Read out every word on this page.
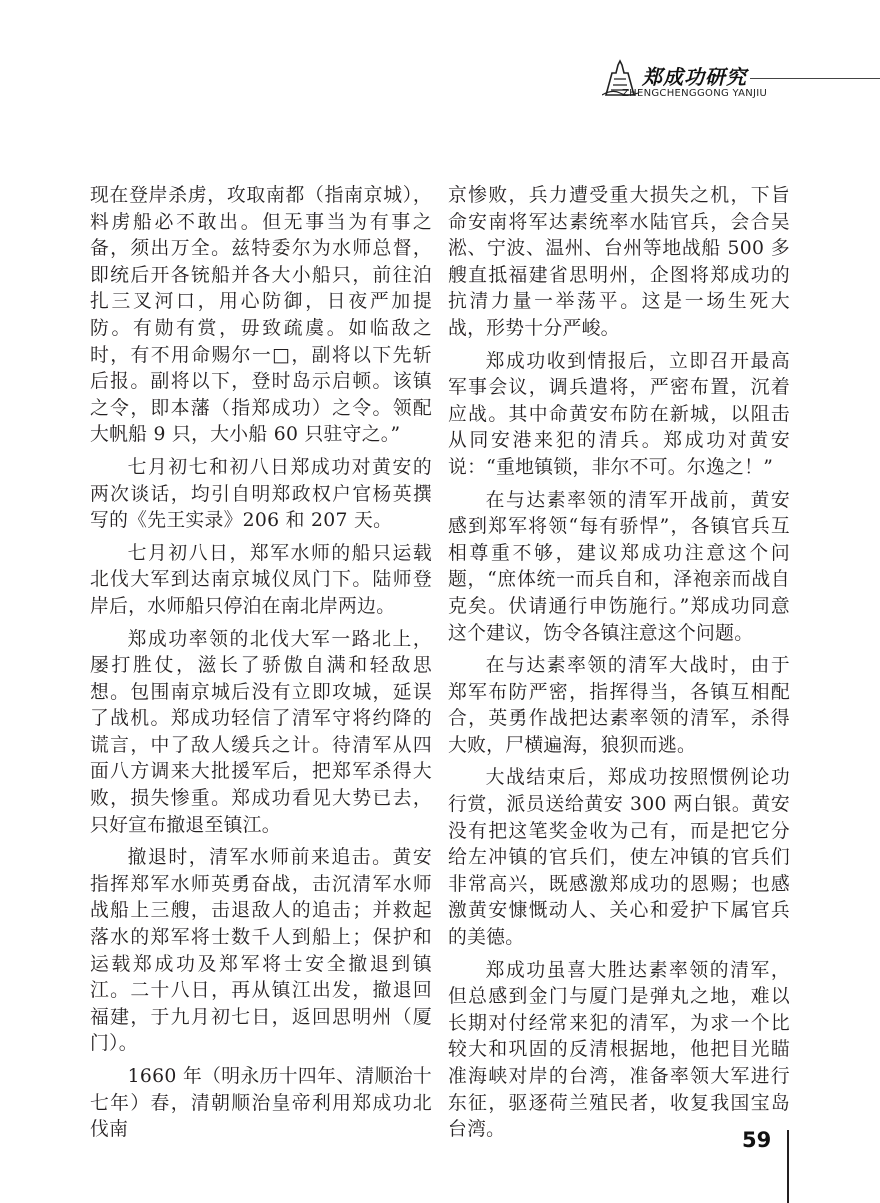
郑成功研究
ZHENGCHENGGONG YANJIU

现在登岸杀虏，攻取南都（指南京城），料虏船必不敢出。但无事当为有事之备，须出万全。兹特委尔为水师总督，即统后开各铳船并各大小船只，前往泊扎三叉河口，用心防御，日夜严加提防。有勋有赏，毋致疏虞。如临敌之时，有不用命赐尔一□，副将以下先斩后报。副将以下，登时岛示启顿。该镇之令，即本藩（指郑成功）之令。领配大帆船 9 只，大小船 60 只驻守之。”

七月初七和初八日郑成功对黄安的两次谈话，均引自明郑政权户官杨英撰写的《先王实录》206 和 207 天。

七月初八日，郑军水师的船只运载北伐大军到达南京城仪凤门下。陆师登岸后，水师船只停泊在南北岸两边。

郑成功率领的北伐大军一路北上，屡打胜仗，滋长了骄傲自满和轻敌思想。包围南京城后没有立即攻城，延误了战机。郑成功轻信了清军守将约降的谎言，中了敌人缓兵之计。待清军从四面八方调来大批援军后，把郑军杀得大败，损失惨重。郑成功看见大势已去，只好宣布撤退至镇江。

撤退时，清军水师前来追击。黄安指挥郑军水师英勇奋战，击沉清军水师战船上三艘，击退敌人的追击；并救起落水的郑军将士数千人到船上；保护和运载郑成功及郑军将士安全撤退到镇江。二十八日，再从镇江出发，撤退回福建，于九月初七日，返回思明州（厦门）。

1660 年（明永历十四年、清顺治十七年）春，清朝顺治皇帝利用郑成功北伐南

京惨败，兵力遭受重大损失之机，下旨命安南将军达素统率水陆官兵，会合吴淞、宁波、温州、台州等地战船 500 多艘直抵福建省思明州，企图将郑成功的抗清力量一举荡平。这是一场生死大战，形势十分严峻。

郑成功收到情报后，立即召开最高军事会议，调兵遣将，严密布置，沉着应战。其中命黄安布防在新城，以阻击从同安港来犯的清兵。郑成功对黄安说：“重地镇锁，非尔不可。尔逸之！”

在与达素率领的清军开战前，黄安感到郑军将领“每有骄悍”，各镇官兵互相尊重不够，建议郑成功注意这个问题，“庶体统一而兵自和，泽袍亲而战自克矣。伏请通行申饬施行。”郑成功同意这个建议，饬令各镇注意这个问题。

在与达素率领的清军大战时，由于郑军布防严密，指挥得当，各镇互相配合，英勇作战把达素率领的清军，杀得大败，尸横遍海，狼狈而逃。

大战结束后，郑成功按照惯例论功行赏，派员送给黄安 300 两白银。黄安没有把这笔奖金收为己有，而是把它分给左冲镇的官兵们，使左冲镇的官兵们非常高兴，既感激郑成功的恩赐；也感激黄安慷慨动人、关心和爱护下属官兵的美德。

郑成功虽喜大胜达素率领的清军，但总感到金门与厦门是弹丸之地，难以长期对付经常来犯的清军，为求一个比较大和巩固的反清根据地，他把目光瞄准海峡对岸的台湾，准备率领大军进行东征，驱逐荷兰殖民者，收复我国宝岛台湾。	59
